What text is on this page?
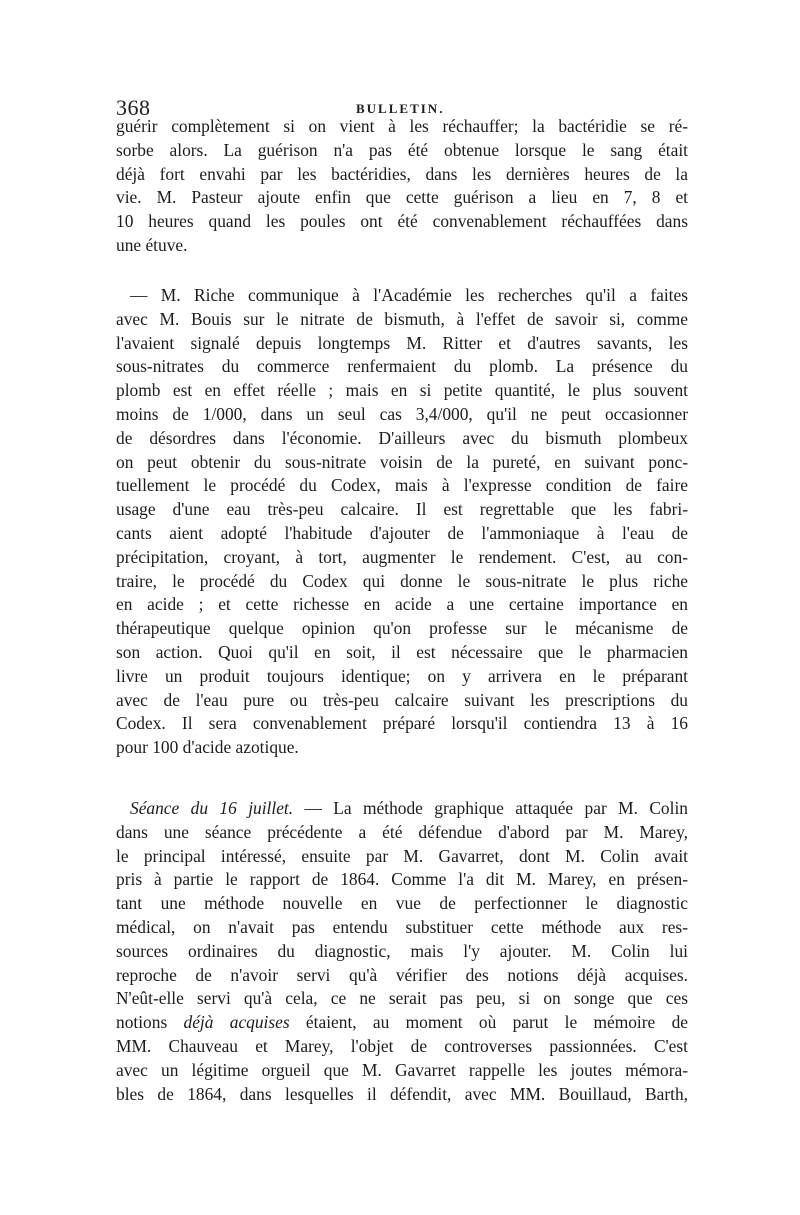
368	BULLETIN.
guérir complètement si on vient à les réchauffer; la bactéridie se ré-
sorbe alors. La guérison n'a pas été obtenue lorsque le sang était
déjà fort envahi par les bactéridies, dans les dernières heures de la
vie. M. Pasteur ajoute enfin que cette guérison a lieu en 7, 8 et
10 heures quand les poules ont été convenablement réchauffées dans
une étuve.
— M. Riche communique à l'Académie les recherches qu'il a faites
avec M. Bouis sur le nitrate de bismuth, à l'effet de savoir si, comme
l'avaient signalé depuis longtemps M. Ritter et d'autres savants, les
sous-nitrates du commerce renfermaient du plomb. La présence du
plomb est en effet réelle ; mais en si petite quantité, le plus souvent
moins de 1/000, dans un seul cas 3,4/000, qu'il ne peut occasionner
de désordres dans l'économie. D'ailleurs avec du bismuth plombeux
on peut obtenir du sous-nitrate voisin de la pureté, en suivant ponc-
tuellement le procédé du Codex, mais à l'expresse condition de faire
usage d'une eau très-peu calcaire. Il est regrettable que les fabri-
cants aient adopté l'habitude d'ajouter de l'ammoniaque à l'eau de
précipitation, croyant, à tort, augmenter le rendement. C'est, au con-
traire, le procédé du Codex qui donne le sous-nitrate le plus riche
en acide ; et cette richesse en acide a une certaine importance en
thérapeutique quelque opinion qu'on professe sur le mécanisme de
son action. Quoi qu'il en soit, il est nécessaire que le pharmacien
livre un produit toujours identique; on y arrivera en le préparant
avec de l'eau pure ou très-peu calcaire suivant les prescriptions du
Codex. Il sera convenablement préparé lorsqu'il contiendra 13 à 16
pour 100 d'acide azotique.
Séance du 16 juillet. — La méthode graphique attaquée par M. Colin
dans une séance précédente a été défendue d'abord par M. Marey,
le principal intéressé, ensuite par M. Gavarret, dont M. Colin avait
pris à partie le rapport de 1864. Comme l'a dit M. Marey, en présen-
tant une méthode nouvelle en vue de perfectionner le diagnostic
médical, on n'avait pas entendu substituer cette méthode aux res-
sources ordinaires du diagnostic, mais l'y ajouter. M. Colin lui
reproche de n'avoir servi qu'à vérifier des notions déjà acquises.
N'eût-elle servi qu'à cela, ce ne serait pas peu, si on songe que ces
notions déjà acquises étaient, au moment où parut le mémoire de
MM. Chauveau et Marey, l'objet de controverses passionnées. C'est
avec un légitime orgueil que M. Gavarret rappelle les joutes mémora-
bles de 1864, dans lesquelles il défendit, avec MM. Bouillaud, Barth,
